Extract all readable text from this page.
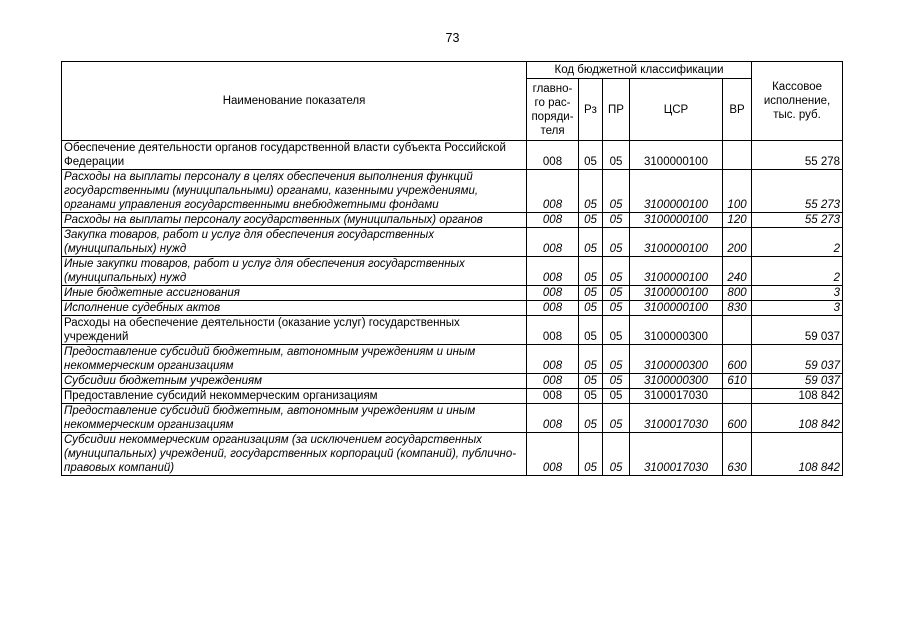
73
Наименование показателя	Код бюджетной классификации					Кассовое
исполнение,
тыс. руб.
	главно-
го рас-
поряди-
теля	Рз	ПР	ЦСР	ВР	
Обеспечение деятельности органов государственной власти субъекта Российской Федерации	008	05	05	3100000100		55 278
Расходы на выплаты персоналу в целях обеспечения выполнения функций государственными (муниципальными) органами, казенными учреждениями, органами управления государственными внебюджетными фондами	008	05	05	3100000100	100	55 273
Расходы на выплаты персоналу государственных (муниципальных) органов	008	05	05	3100000100	120	55 273
Закупка товаров, работ и услуг для обеспечения государственных (муниципальных) нужд	008	05	05	3100000100	200	2
Иные закупки товаров, работ и услуг для обеспечения государственных (муниципальных) нужд	008	05	05	3100000100	240	2
Иные бюджетные ассигнования	008	05	05	3100000100	800	3
Исполнение судебных актов	008	05	05	3100000100	830	3
Расходы на обеспечение деятельности (оказание услуг) государственных учреждений	008	05	05	3100000300		59 037
Предоставление субсидий бюджетным, автономным учреждениям и иным некоммерческим организациям	008	05	05	3100000300	600	59 037
Субсидии бюджетным учреждениям	008	05	05	3100000300	610	59 037
Предоставление субсидий некоммерческим организациям	008	05	05	3100017030		108 842
Предоставление субсидий бюджетным, автономным учреждениям и иным некоммерческим организациям	008	05	05	3100017030	600	108 842
Субсидии некоммерческим организациям (за исключением государственных (муниципальных) учреждений, государственных корпораций (компаний), публично-правовых компаний)	008	05	05	3100017030	630	108 842
